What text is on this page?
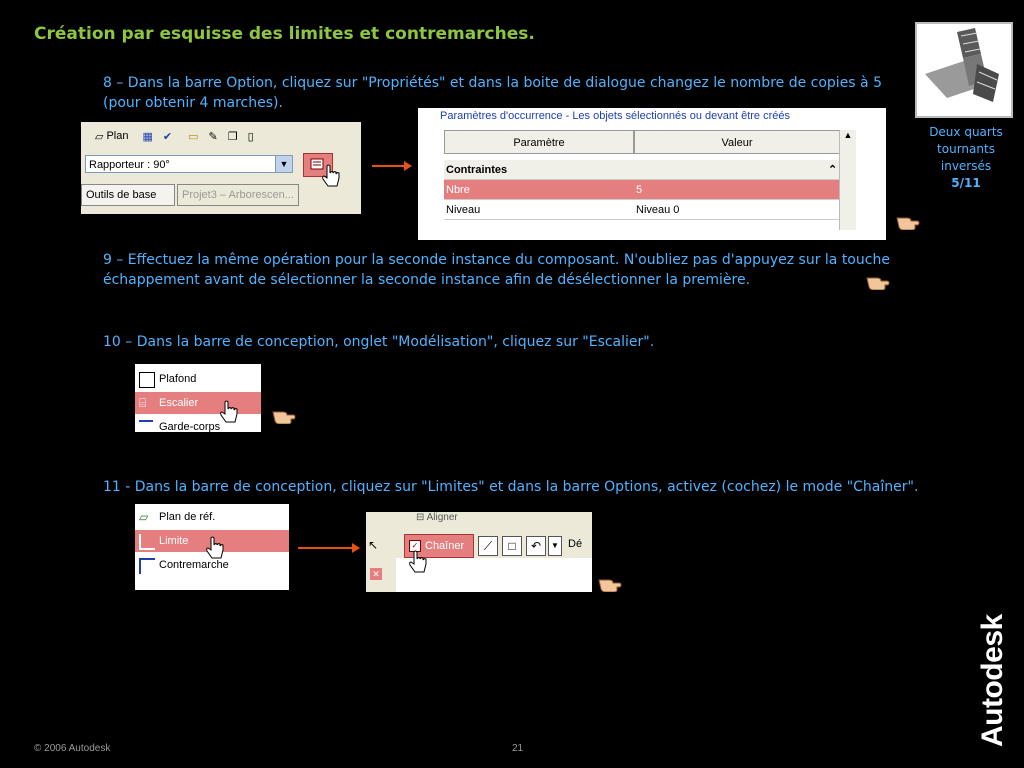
Création par esquisse des limites et contremarches.
8 – Dans la barre Option, cliquez sur "Propriétés" et dans la boite de dialogue changez le nombre de copies à 5 (pour obtenir 4 marches).
▱ Plan ▦ ✔ ▭ ✎ ❐ ▯
Rapporteur : 90°	▼
Outils de base	Projet3 – Arborescen...
Paramètres d'occurrence - Les objets sélectionnés ou devant être créés
Paramètre	Valeur
Contraintes	⌃
Nbre	5
Niveau	Niveau 0
▲
9 – Effectuez la même opération pour la seconde instance du composant. N'oubliez pas d'appuyez sur la touche échappement avant de sélectionner la seconde instance afin de désélectionner la première.
10 – Dans la barre de conception, onglet "Modélisation", cliquez sur "Escalier".
Plafond
⌸	Escalier
Garde-corps
11 - Dans la barre de conception, cliquez sur "Limites" et dans la barre Options, activez (cochez) le mode "Chaîner".
▱ Plan de réf.
Limite
Contremarche
⊟ Aligner
↖	✓ Chaîner	⟋	□	↶	▼ Dé
✕
Deux quarts
tournants
inversés
5/11
Autodesk
© 2006 Autodesk	21
